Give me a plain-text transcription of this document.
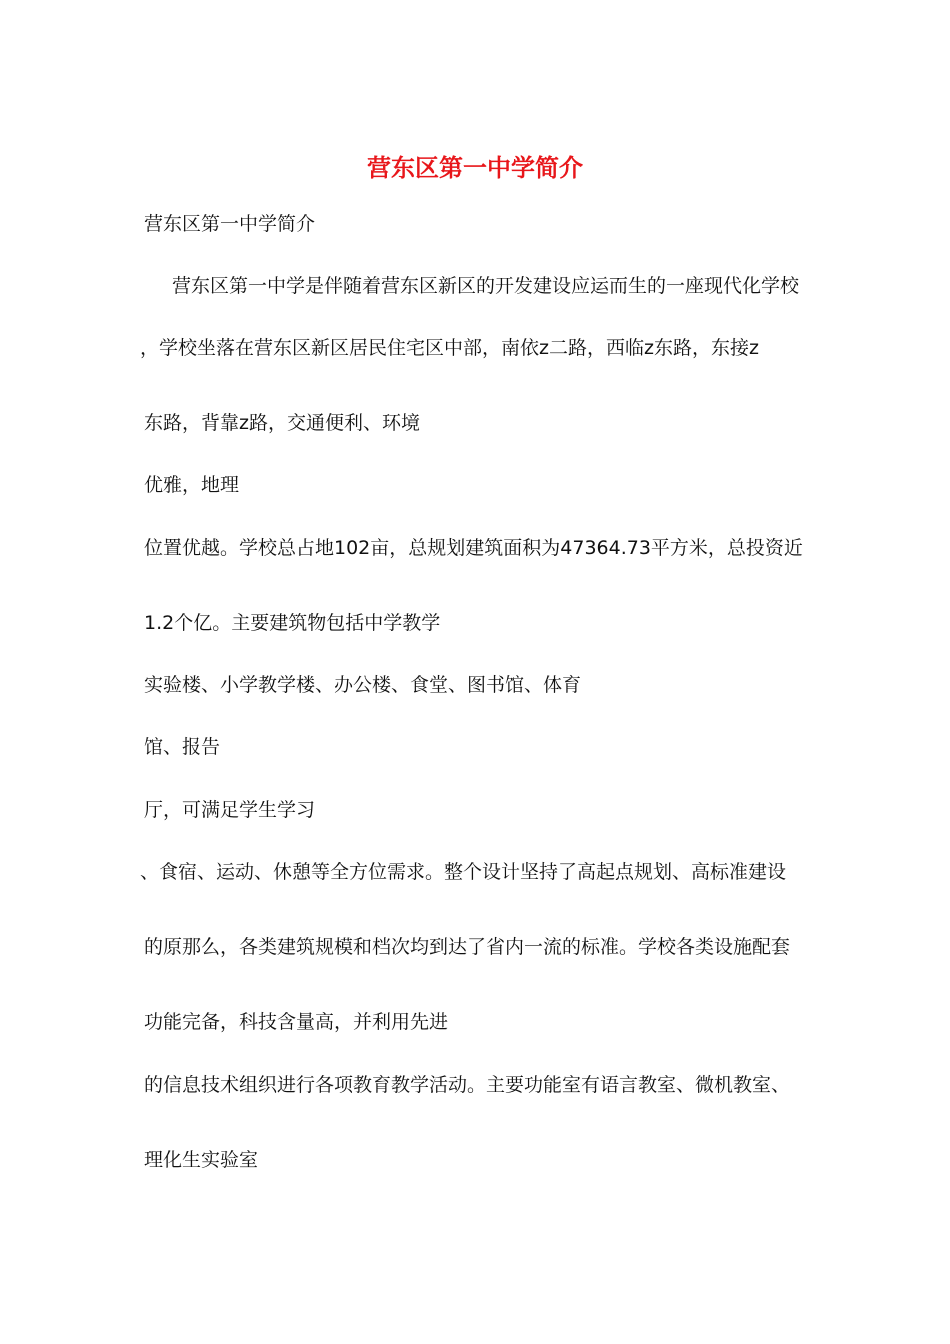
营东区第一中学简介

营东区第一中学简介

营东区第一中学是伴随着营东区新区的开发建设应运而生的一座现代化学校

，学校坐落在营东区新区居民住宅区中部，南依z二路，西临z东路，东接z

东路，背靠z路，交通便利、环境

优雅，地理

位置优越。学校总占地102亩，总规划建筑面积为47364.73平方米，总投资近

1.2个亿。主要建筑物包括中学教学

实验楼、小学教学楼、办公楼、食堂、图书馆、体育

馆、报告

厅，可满足学生学习

、食宿、运动、休憩等全方位需求。整个设计坚持了高起点规划、高标准建设

的原那么，各类建筑规模和档次均到达了省内一流的标准。学校各类设施配套

功能完备，科技含量高，并利用先进

的信息技术组织进行各项教育教学活动。主要功能室有语言教室、微机教室、

理化生实验室
